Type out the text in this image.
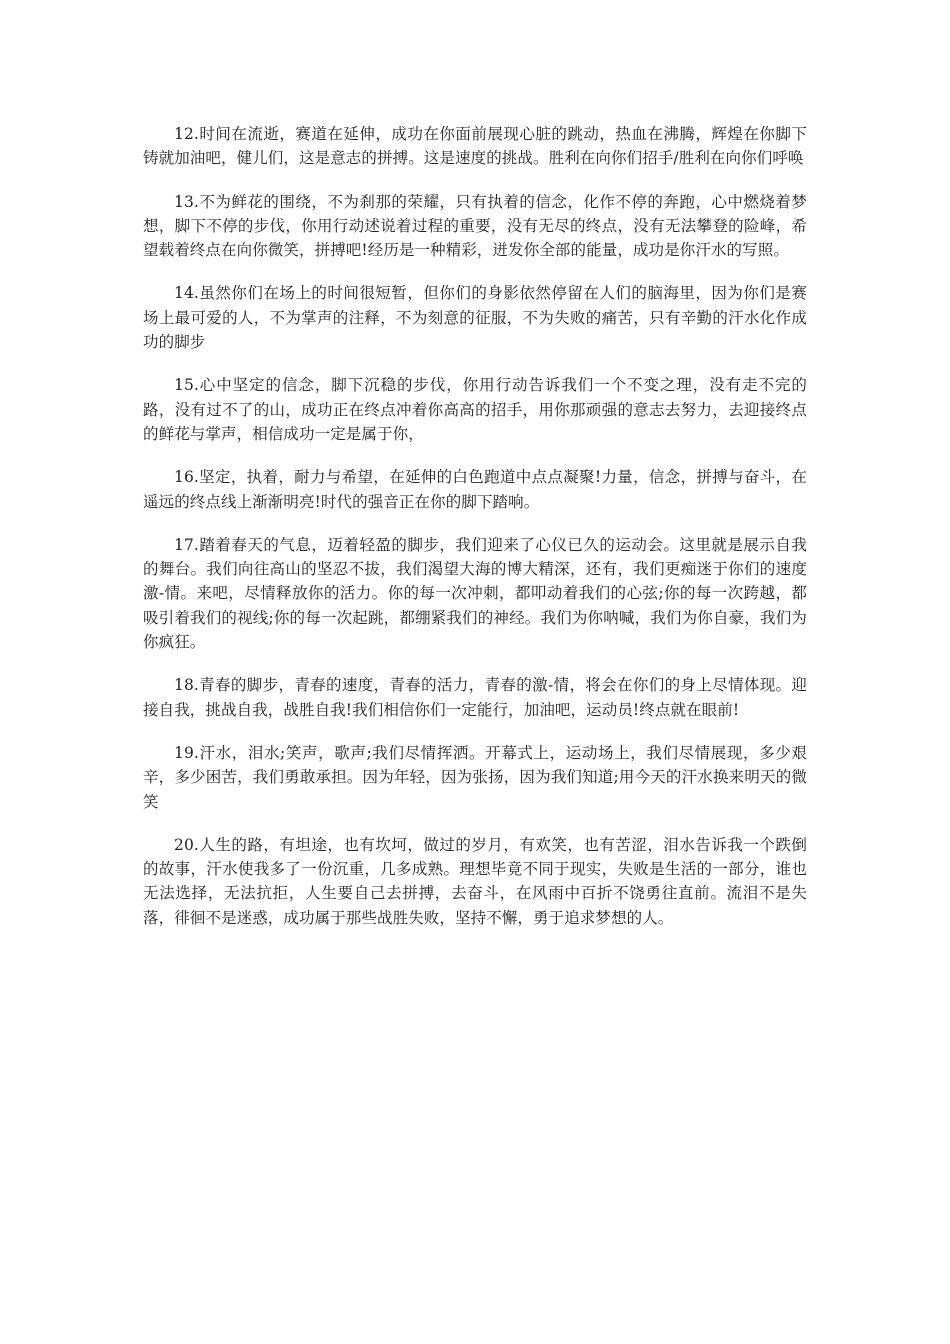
12.时间在流逝，赛道在延伸，成功在你面前展现心脏的跳动，热血在沸腾，辉煌在你脚下铸就加油吧，健儿们，这是意志的拼搏。这是速度的挑战。胜利在向你们招手/胜利在向你们呼唤

13.不为鲜花的围绕，不为刹那的荣耀，只有执着的信念，化作不停的奔跑，心中燃烧着梦想，脚下不停的步伐，你用行动述说着过程的重要，没有无尽的终点，没有无法攀登的险峰，希望载着终点在向你微笑，拼搏吧!经历是一种精彩，迸发你全部的能量，成功是你汗水的写照。

14.虽然你们在场上的时间很短暂，但你们的身影依然停留在人们的脑海里，因为你们是赛场上最可爱的人，不为掌声的注释，不为刻意的征服，不为失败的痛苦，只有辛勤的汗水化作成功的脚步

15.心中坚定的信念，脚下沉稳的步伐，你用行动告诉我们一个不变之理，没有走不完的路，没有过不了的山，成功正在终点冲着你高高的招手，用你那顽强的意志去努力，去迎接终点的鲜花与掌声，相信成功一定是属于你，

16.坚定，执着，耐力与希望，在延伸的白色跑道中点点凝聚!力量，信念，拼搏与奋斗，在遥远的终点线上渐渐明亮!时代的强音正在你的脚下踏响。

17.踏着春天的气息，迈着轻盈的脚步，我们迎来了心仪已久的运动会。这里就是展示自我的舞台。我们向往高山的坚忍不拔，我们渴望大海的博大精深，还有，我们更痴迷于你们的速度激-情。来吧，尽情释放你的活力。你的每一次冲刺，都叩动着我们的心弦;你的每一次跨越，都吸引着我们的视线;你的每一次起跳，都绷紧我们的神经。我们为你呐喊，我们为你自豪，我们为你疯狂。

18.青春的脚步，青春的速度，青春的活力，青春的激-情，将会在你们的身上尽情体现。迎接自我，挑战自我，战胜自我!我们相信你们一定能行，加油吧，运动员!终点就在眼前!

19.汗水，泪水;笑声，歌声;我们尽情挥洒。开幕式上，运动场上，我们尽情展现，多少艰辛，多少困苦，我们勇敢承担。因为年轻，因为张扬，因为我们知道;用今天的汗水换来明天的微笑

20.人生的路，有坦途，也有坎坷，做过的岁月，有欢笑，也有苦涩，泪水告诉我一个跌倒的故事，汗水使我多了一份沉重，几多成熟。理想毕竟不同于现实，失败是生活的一部分，谁也无法选择，无法抗拒，人生要自己去拼搏，去奋斗，在风雨中百折不饶勇往直前。流泪不是失落，徘徊不是迷惑，成功属于那些战胜失败，坚持不懈，勇于追求梦想的人。
